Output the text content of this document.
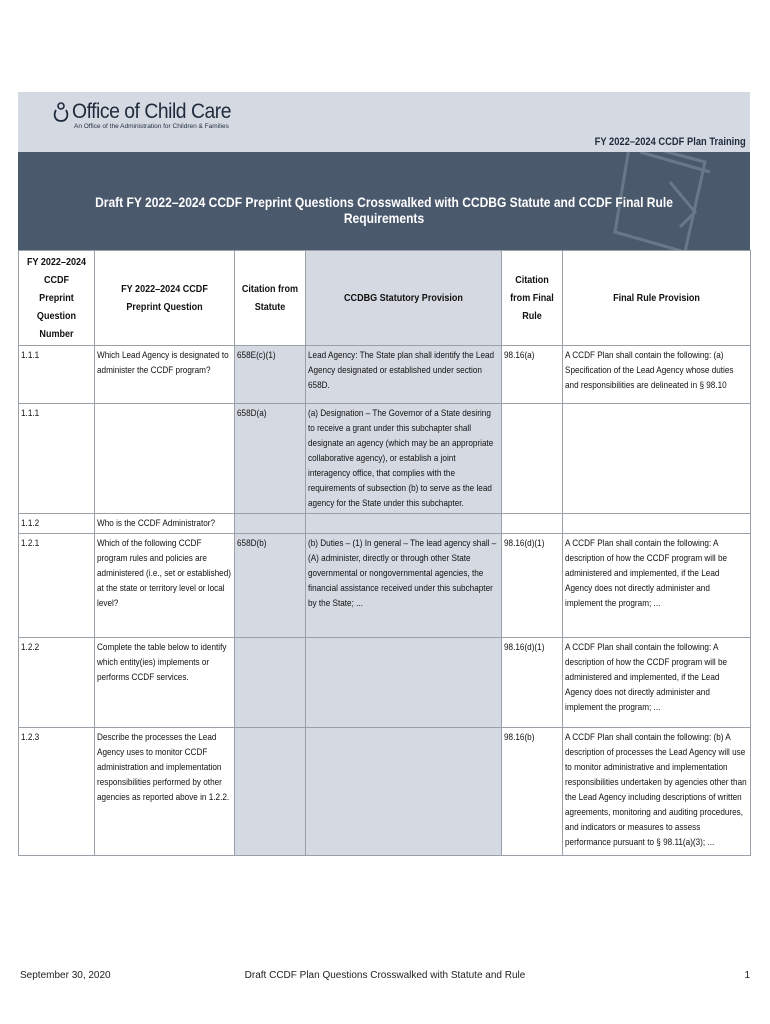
Office of Child Care
An Office of the Administration for Children & Families
FY 2022–2024 CCDF Plan Training
Draft FY 2022–2024 CCDF Preprint Questions Crosswalked with CCDBG Statute and CCDF Final Rule Requirements
FY 2022–2024 CCDF Preprint Question Number	FY 2022–2024 CCDF Preprint Question	Citation from Statute	CCDBG Statutory Provision	Citation from Final Rule	Final Rule Provision

1.1.1	Which Lead Agency is designated to administer the CCDF program?	658E(c)(1)	Lead Agency: The State plan shall identify the Lead Agency designated or established under section 658D.	98.16(a)	A CCDF Plan shall contain the following: (a) Specification of the Lead Agency whose duties and responsibilities are delineated in § 98.10

1.1.1		658D(a)	(a) Designation – The Governor of a State desiring to receive a grant under this subchapter shall designate an agency (which may be an appropriate collaborative agency), or establish a joint interagency office, that complies with the requirements of subsection (b) to serve as the lead agency for the State under this subchapter.		

1.1.2	Who is the CCDF Administrator?				

1.2.1	Which of the following CCDF program rules and policies are administered (i.e., set or established) at the state or territory level or local level?	658D(b)	(b) Duties – (1) In general – The lead agency shall – (A) administer, directly or through other State governmental or nongovernmental agencies, the financial assistance received under this subchapter by the State; ...	98.16(d)(1)	A CCDF Plan shall contain the following: A description of how the CCDF program will be administered and implemented, if the Lead Agency does not directly administer and implement the program; ...

1.2.2	Complete the table below to identify which entity(ies) implements or performs CCDF services.			98.16(d)(1)	A CCDF Plan shall contain the following: A description of how the CCDF program will be administered and implemented, if the Lead Agency does not directly administer and implement the program; ...

1.2.3	Describe the processes the Lead Agency uses to monitor CCDF administration and implementation responsibilities performed by other agencies as reported above in 1.2.2.			98.16(b)	A CCDF Plan shall contain the following: (b) A description of processes the Lead Agency will use to monitor administrative and implementation responsibilities undertaken by agencies other than the Lead Agency including descriptions of written agreements, monitoring and auditing procedures, and indicators or measures to assess performance pursuant to § 98.11(a)(3); ...
September 30, 2020	Draft CCDF Plan Questions Crosswalked with Statute and Rule	1
